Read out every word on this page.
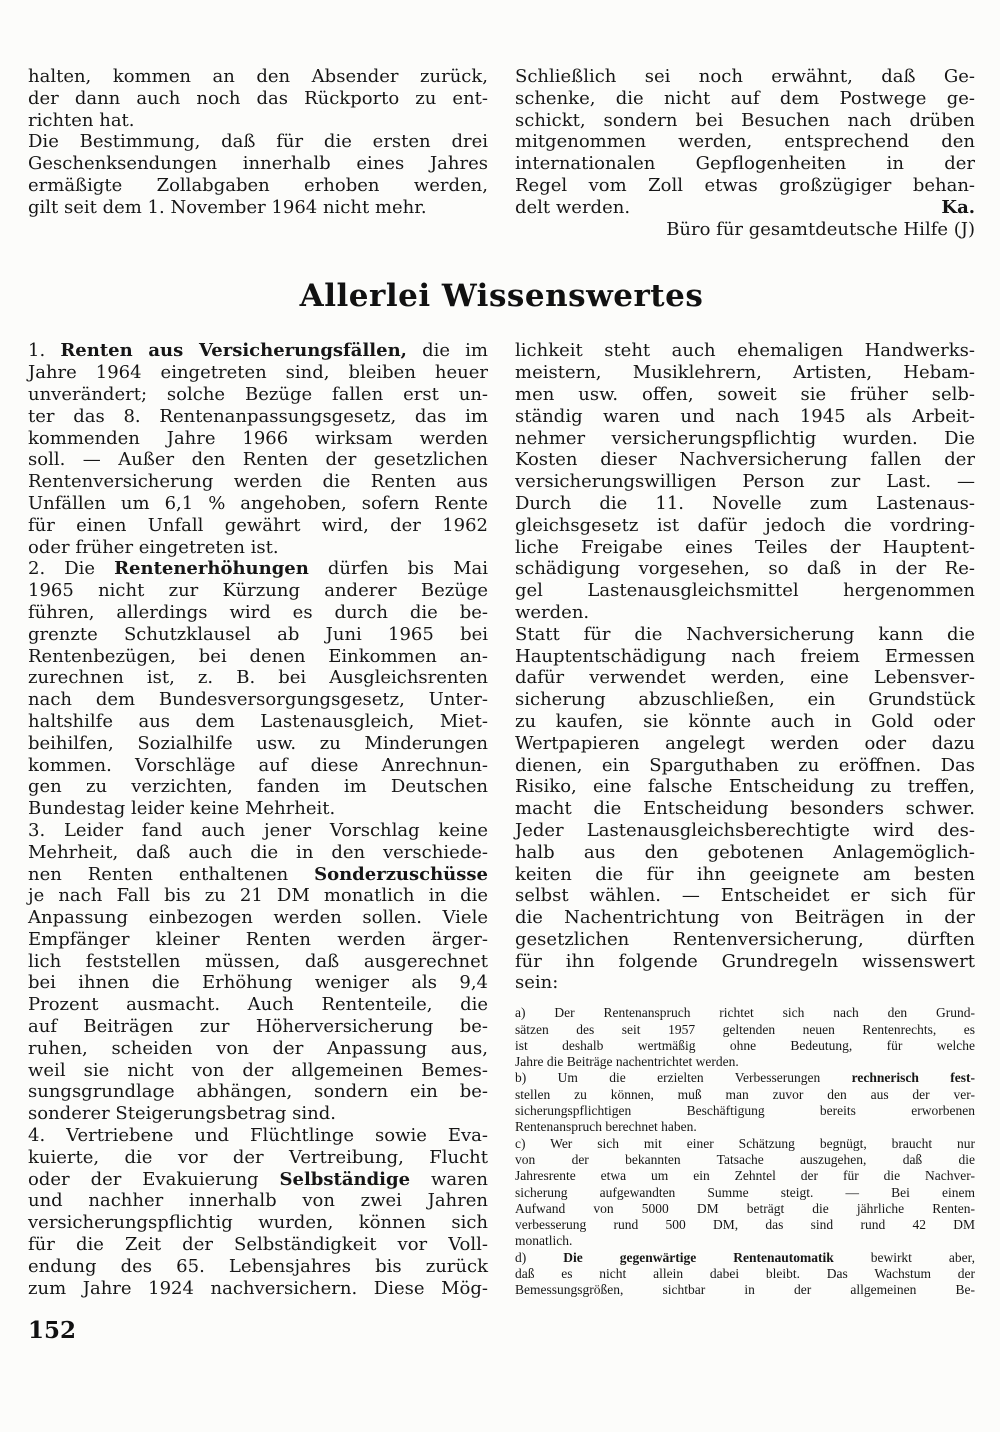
halten, kommen an den Absender zurück,
der dann auch noch das Rückporto zu ent-
richten hat.
Die Bestimmung, daß für die ersten drei
Geschenksendungen innerhalb eines Jahres
ermäßigte Zollabgaben erhoben werden,
gilt seit dem 1. November 1964 nicht mehr.
Schließlich sei noch erwähnt, daß Ge-
schenke, die nicht auf dem Postwege ge-
schickt, sondern bei Besuchen nach drüben
mitgenommen werden, entsprechend den
internationalen Gepflogenheiten in der
Regel vom Zoll etwas großzügiger behan-
delt werden.	Ka.
Büro für gesamtdeutsche Hilfe (J)
Allerlei Wissenswertes
1. Renten aus Versicherungsfällen, die im
Jahre 1964 eingetreten sind, bleiben heuer
unverändert; solche Bezüge fallen erst un-
ter das 8. Rentenanpassungsgesetz, das im
kommenden Jahre 1966 wirksam werden
soll. — Außer den Renten der gesetzlichen
Rentenversicherung werden die Renten aus
Unfällen um 6,1 % angehoben, sofern Rente
für einen Unfall gewährt wird, der 1962
oder früher eingetreten ist.
2. Die Rentenerhöhungen dürfen bis Mai
1965 nicht zur Kürzung anderer Bezüge
führen, allerdings wird es durch die be-
grenzte Schutzklausel ab Juni 1965 bei
Rentenbezügen, bei denen Einkommen an-
zurechnen ist, z. B. bei Ausgleichsrenten
nach dem Bundesversorgungsgesetz, Unter-
haltshilfe aus dem Lastenausgleich, Miet-
beihilfen, Sozialhilfe usw. zu Minderungen
kommen. Vorschläge auf diese Anrechnun-
gen zu verzichten, fanden im Deutschen
Bundestag leider keine Mehrheit.
3. Leider fand auch jener Vorschlag keine
Mehrheit, daß auch die in den verschiede-
nen Renten enthaltenen Sonderzuschüsse
je nach Fall bis zu 21 DM monatlich in die
Anpassung einbezogen werden sollen. Viele
Empfänger kleiner Renten werden ärger-
lich feststellen müssen, daß ausgerechnet
bei ihnen die Erhöhung weniger als 9,4
Prozent ausmacht. Auch Rententeile, die
auf Beiträgen zur Höherversicherung be-
ruhen, scheiden von der Anpassung aus,
weil sie nicht von der allgemeinen Bemes-
sungsgrundlage abhängen, sondern ein be-
sonderer Steigerungsbetrag sind.
4. Vertriebene und Flüchtlinge sowie Eva-
kuierte, die vor der Vertreibung, Flucht
oder der Evakuierung Selbständige waren
und nachher innerhalb von zwei Jahren
versicherungspflichtig wurden, können sich
für die Zeit der Selbständigkeit vor Voll-
endung des 65. Lebensjahres bis zurück
zum Jahre 1924 nachversichern. Diese Mög-
lichkeit steht auch ehemaligen Handwerks-
meistern, Musiklehrern, Artisten, Hebam-
men usw. offen, soweit sie früher selb-
ständig waren und nach 1945 als Arbeit-
nehmer versicherungspflichtig wurden. Die
Kosten dieser Nachversicherung fallen der
versicherungswilligen Person zur Last. —
Durch die 11. Novelle zum Lastenaus-
gleichsgesetz ist dafür jedoch die vordring-
liche Freigabe eines Teiles der Hauptent-
schädigung vorgesehen, so daß in der Re-
gel Lastenausgleichsmittel hergenommen
werden.
Statt für die Nachversicherung kann die
Hauptentschädigung nach freiem Ermessen
dafür verwendet werden, eine Lebensver-
sicherung abzuschließen, ein Grundstück
zu kaufen, sie könnte auch in Gold oder
Wertpapieren angelegt werden oder dazu
dienen, ein Sparguthaben zu eröffnen. Das
Risiko, eine falsche Entscheidung zu treffen,
macht die Entscheidung besonders schwer.
Jeder Lastenausgleichsberechtigte wird des-
halb aus den gebotenen Anlagemöglich-
keiten die für ihn geeignete am besten
selbst wählen. — Entscheidet er sich für
die Nachentrichtung von Beiträgen in der
gesetzlichen Rentenversicherung, dürften
für ihn folgende Grundregeln wissenswert
sein:
a) Der Rentenanspruch richtet sich nach den Grund-
sätzen des seit 1957 geltenden neuen Rentenrechts, es
ist deshalb wertmäßig ohne Bedeutung, für welche
Jahre die Beiträge nachentrichtet werden.
b) Um die erzielten Verbesserungen rechnerisch fest-
stellen zu können, muß man zuvor den aus der ver-
sicherungspflichtigen Beschäftigung bereits erworbenen
Rentenanspruch berechnet haben.
c) Wer sich mit einer Schätzung begnügt, braucht nur
von der bekannten Tatsache auszugehen, daß die
Jahresrente etwa um ein Zehntel der für die Nachver-
sicherung aufgewandten Summe steigt. — Bei einem
Aufwand von 5000 DM beträgt die jährliche Renten-
verbesserung rund 500 DM, das sind rund 42 DM
monatlich.
d) Die gegenwärtige Rentenautomatik bewirkt aber,
daß es nicht allein dabei bleibt. Das Wachstum der
Bemessungsgrößen, sichtbar in der allgemeinen Be-
152
